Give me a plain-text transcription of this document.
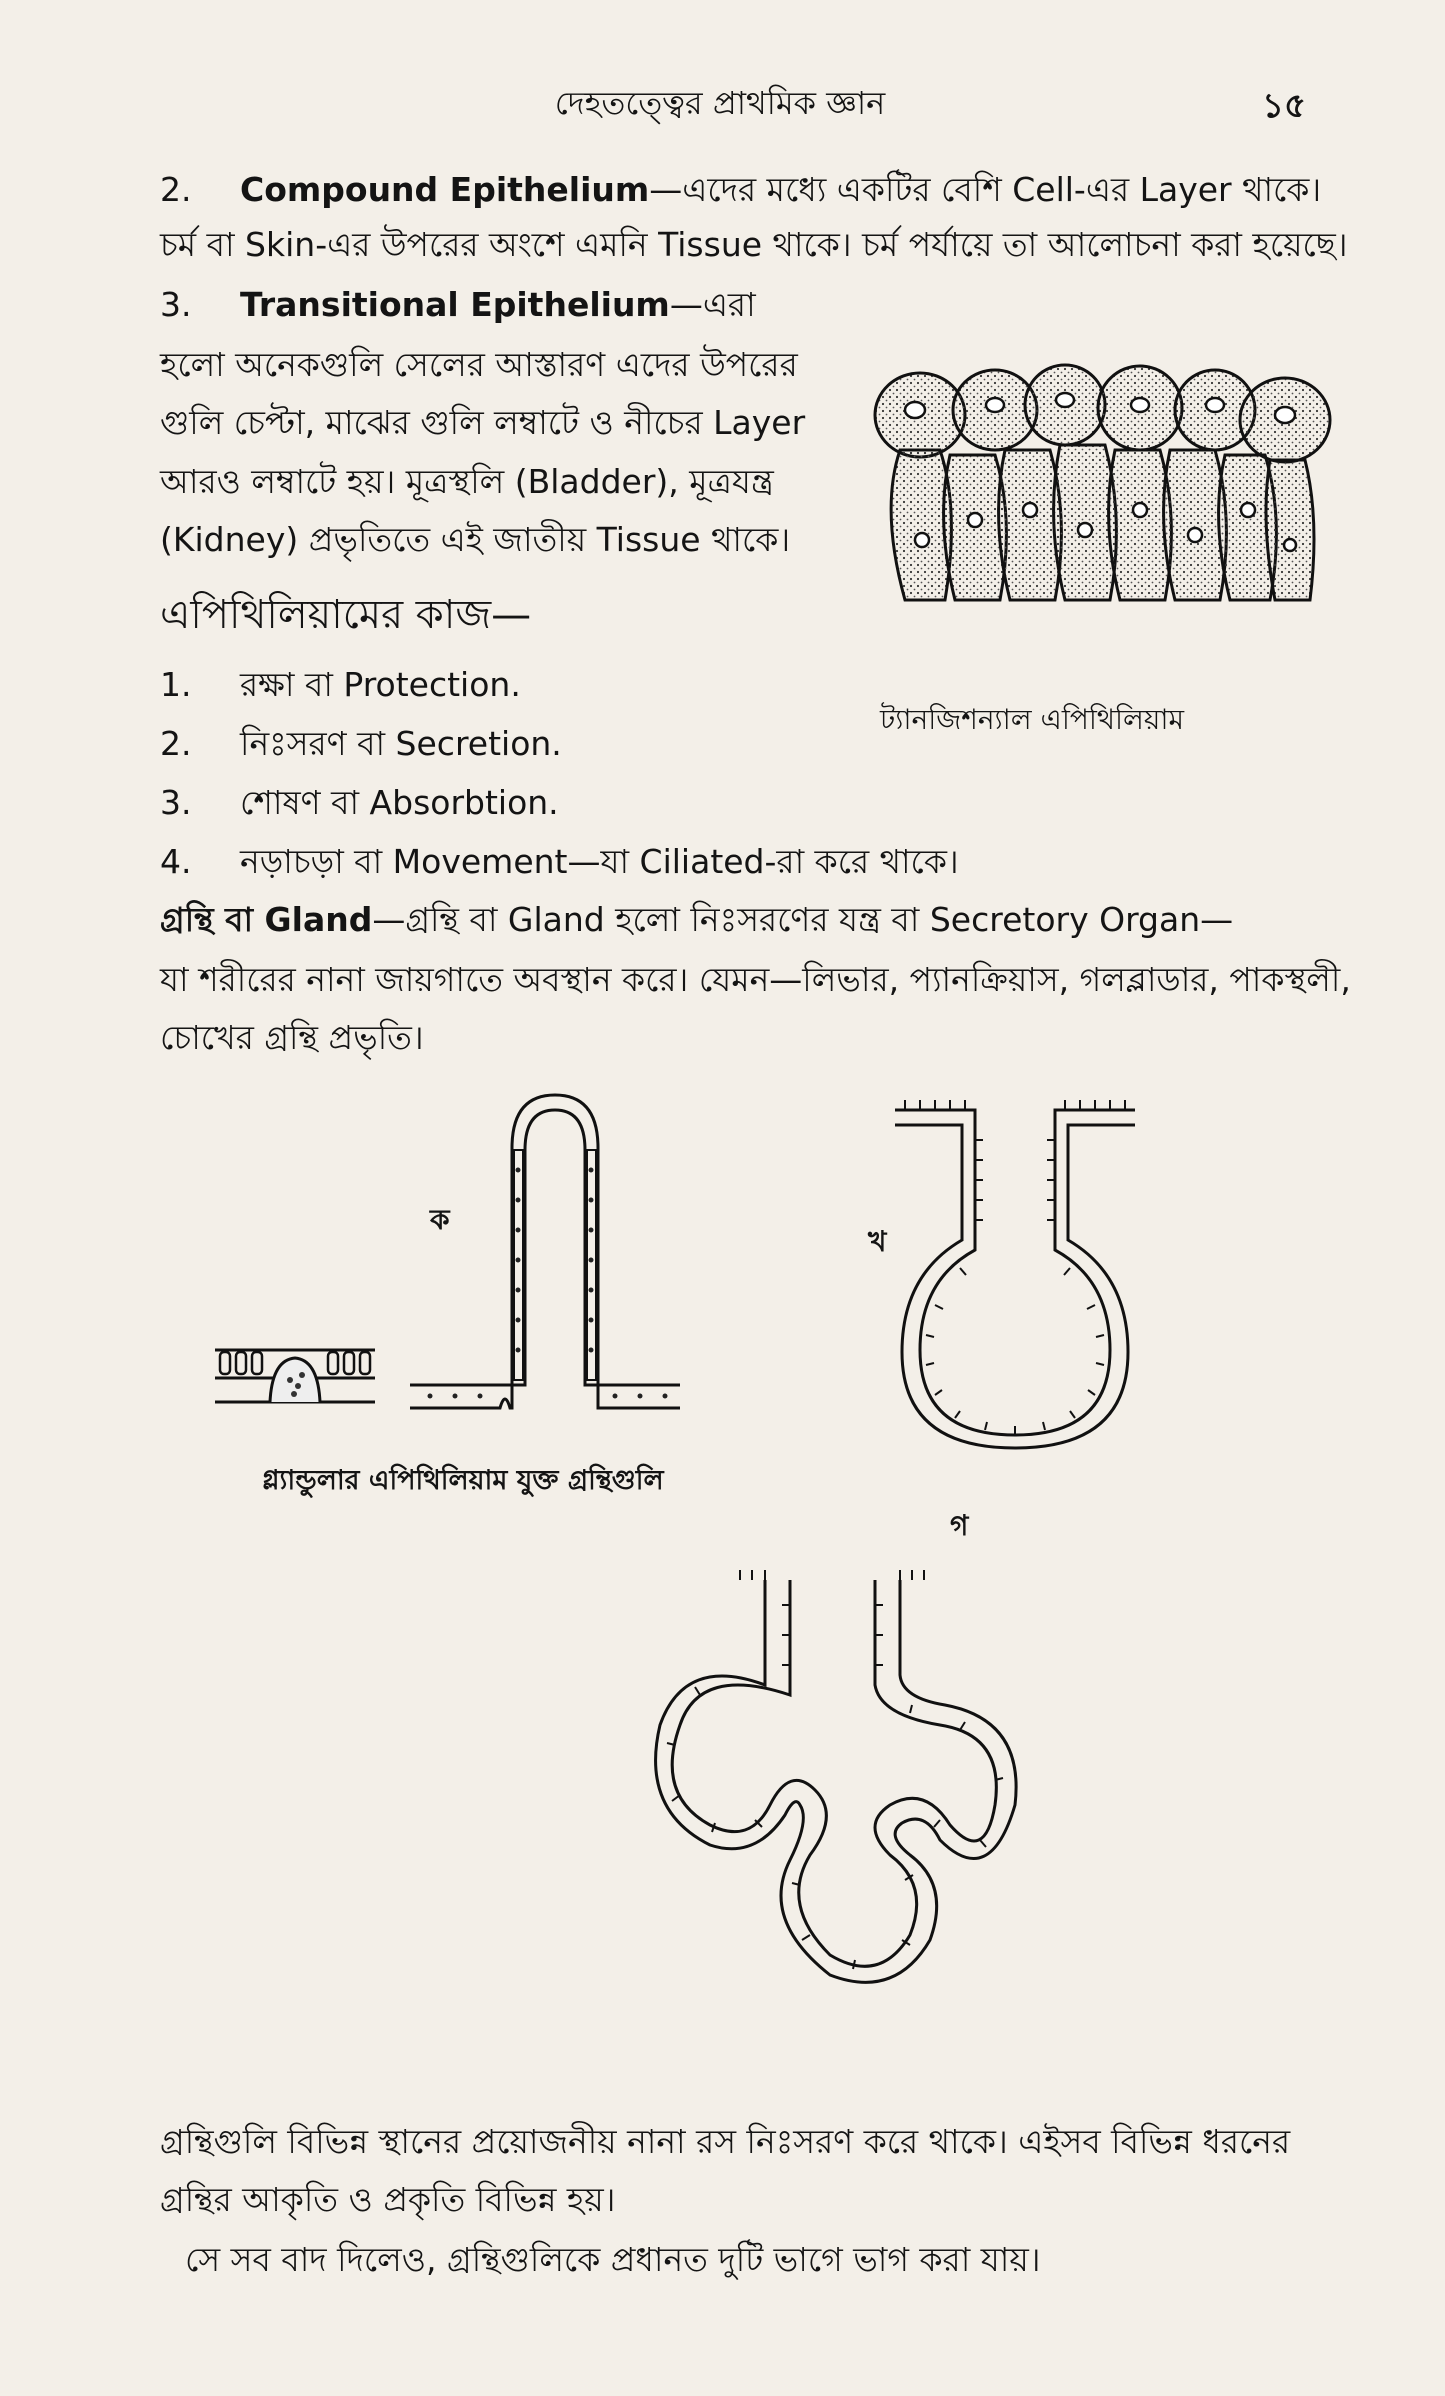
দেহতত্ত্বের প্রাথমিক জ্ঞান	১৫
2. Compound Epithelium—এদের মধ্যে একটির বেশি Cell-এর Layer থাকে।
চর্ম বা Skin-এর উপরের অংশে এমনি Tissue থাকে। চর্ম পর্যায়ে তা আলোচনা করা হয়েছে।
3. Transitional Epithelium—এরা
হলো অনেকগুলি সেলের আস্তারণ এদের উপরের
গুলি চেপ্টা, মাঝের গুলি লম্বাটে ও নীচের Layer
আরও লম্বাটে হয়। মূত্রস্থলি (Bladder), মূত্রযন্ত্র
(Kidney) প্রভৃতিতে এই জাতীয় Tissue থাকে।
ট্যানজিশন্যাল এপিথিলিয়াম
এপিথিলিয়ামের কাজ—
1. রক্ষা বা Protection.
2. নিঃসরণ বা Secretion.
3. শোষণ বা Absorbtion.
4. নড়াচড়া বা Movement—যা Ciliated-রা করে থাকে।
গ্রন্থি বা Gland—গ্রন্থি বা Gland হলো নিঃসরণের যন্ত্র বা Secretory Organ—
যা শরীরের নানা জায়গাতে অবস্থান করে। যেমন—লিভার, প্যানক্রিয়াস, গলব্লাডার, পাকস্থলী,
চোখের গ্রন্থি প্রভৃতি।
ক
খ
গ
গ্ল্যান্ডুলার এপিথিলিয়াম যুক্ত গ্রন্থিগুলি
গ্রন্থিগুলি বিভিন্ন স্থানের প্রয়োজনীয় নানা রস নিঃসরণ করে থাকে। এইসব বিভিন্ন ধরনের
গ্রন্থির আকৃতি ও প্রকৃতি বিভিন্ন হয়।
সে সব বাদ দিলেও, গ্রন্থিগুলিকে প্রধানত দুটি ভাগে ভাগ করা যায়।
